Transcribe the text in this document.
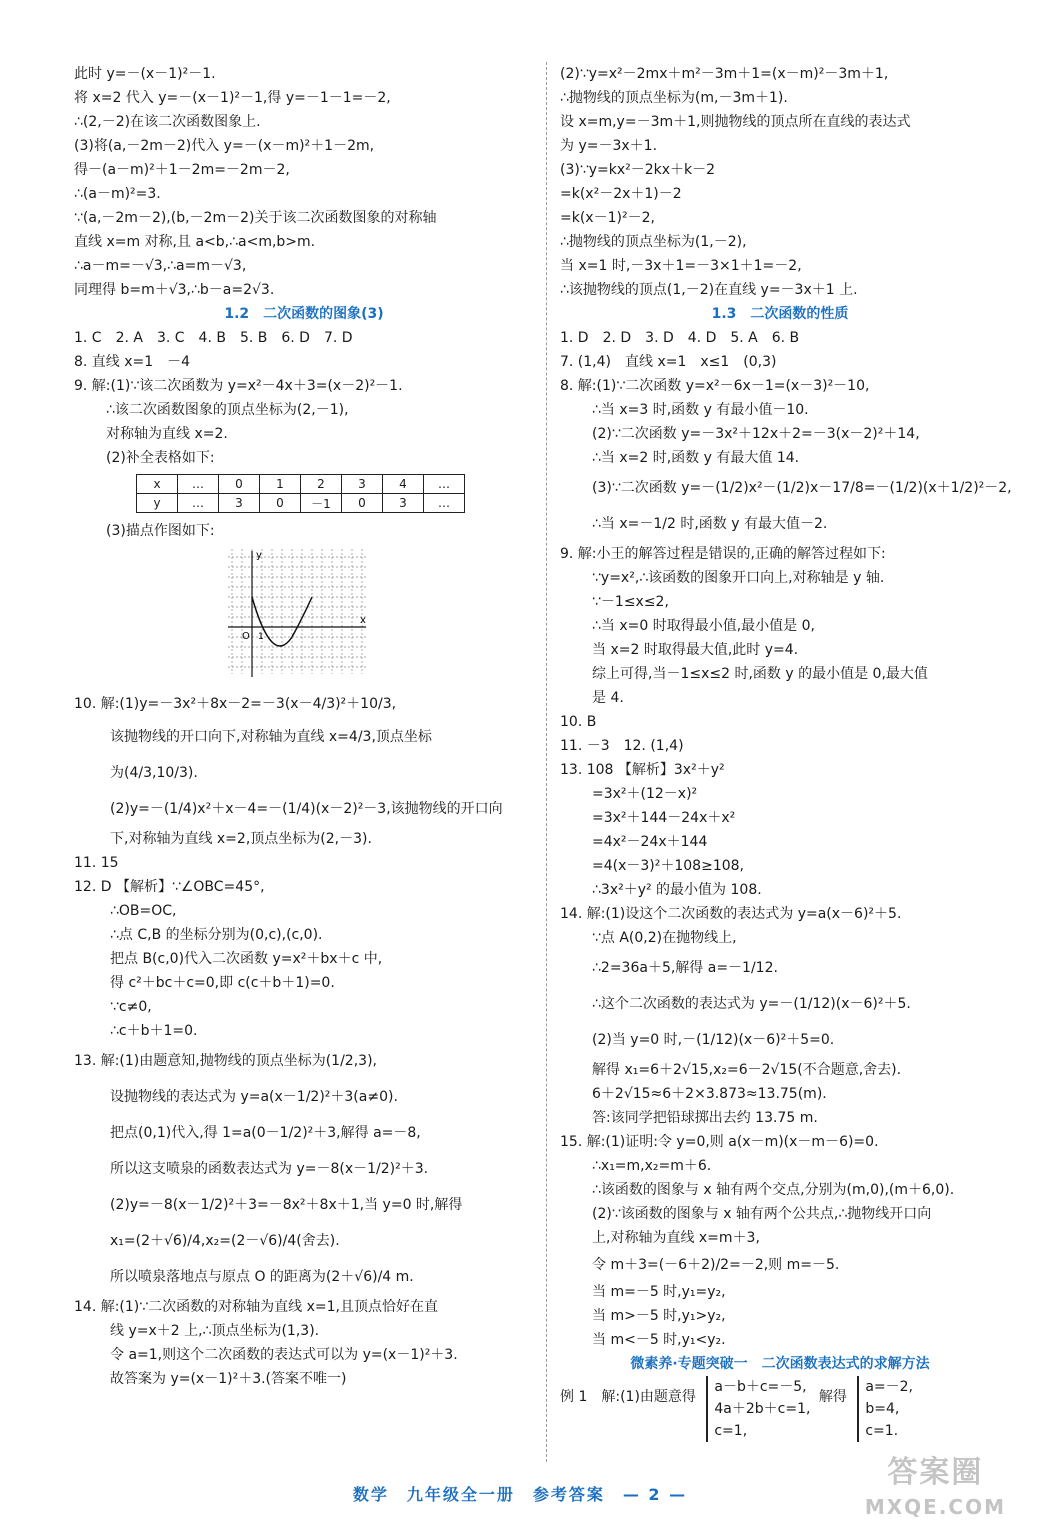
此时 y=－(x－1)²－1.
将 x=2 代入 y=－(x－1)²－1,得 y=－1－1=－2,
∴(2,－2)在该二次函数图象上.
(3)将(a,－2m－2)代入 y=－(x－m)²＋1－2m,
得－(a－m)²＋1－2m=－2m－2,
∴(a－m)²=3.
∵(a,－2m－2),(b,－2m－2)关于该二次函数图象的对称轴
直线 x=m 对称,且 a<b,∴a<m,b>m.
∴a－m=－√3,∴a=m－√3,
同理得 b=m＋√3,∴b－a=2√3.
1.2　二次函数的图象(3)
1. C　2. A　3. C　4. B　5. B　6. D　7. D
8. 直线 x=1　－4
9. 解:(1)∵该二次函数为 y=x²－4x＋3=(x－2)²－1.
∴该二次函数图象的顶点坐标为(2,－1),
对称轴为直线 x=2.
(2)补全表格如下:
x	…	0	1	2	3	4	…
y	…	3	0	－1	0	3	…
(3)描点作图如下:
y
x
O 1
10. 解:(1)y=－3x²＋8x－2=－3(x－4/3)²＋10/3,
该抛物线的开口向下,对称轴为直线 x=4/3,顶点坐标
为(4/3,10/3).
(2)y=－(1/4)x²＋x－4=－(1/4)(x－2)²－3,该抛物线的开口向
下,对称轴为直线 x=2,顶点坐标为(2,－3).
11. 15
12. D 【解析】∵∠OBC=45°,
∴OB=OC,
∴点 C,B 的坐标分别为(0,c),(c,0).
把点 B(c,0)代入二次函数 y=x²＋bx＋c 中,
得 c²＋bc＋c=0,即 c(c＋b＋1)=0.
∵c≠0,
∴c＋b＋1=0.
13. 解:(1)由题意知,抛物线的顶点坐标为(1/2,3),
设抛物线的表达式为 y=a(x－1/2)²＋3(a≠0).
把点(0,1)代入,得 1=a(0－1/2)²＋3,解得 a=－8,
所以这支喷泉的函数表达式为 y=－8(x－1/2)²＋3.
(2)y=－8(x－1/2)²＋3=－8x²＋8x＋1,当 y=0 时,解得
x₁=(2＋√6)/4,x₂=(2－√6)/4(舍去).
所以喷泉落地点与原点 O 的距离为(2＋√6)/4 m.
14. 解:(1)∵二次函数的对称轴为直线 x=1,且顶点恰好在直
线 y=x＋2 上,∴顶点坐标为(1,3).
令 a=1,则这个二次函数的表达式可以为 y=(x－1)²＋3.
故答案为 y=(x－1)²＋3.(答案不唯一)
(2)∵y=x²－2mx＋m²－3m＋1=(x－m)²－3m＋1,
∴抛物线的顶点坐标为(m,－3m＋1).
设 x=m,y=－3m＋1,则抛物线的顶点所在直线的表达式
为 y=－3x＋1.
(3)∵y=kx²－2kx＋k－2
=k(x²－2x＋1)－2
=k(x－1)²－2,
∴抛物线的顶点坐标为(1,－2),
当 x=1 时,－3x＋1=－3×1＋1=－2,
∴该抛物线的顶点(1,－2)在直线 y=－3x＋1 上.
1.3　二次函数的性质
1. D　2. D　3. D　4. D　5. A　6. B
7. (1,4)　直线 x=1　x≤1　(0,3)
8. 解:(1)∵二次函数 y=x²－6x－1=(x－3)²－10,
∴当 x=3 时,函数 y 有最小值－10.
(2)∵二次函数 y=－3x²＋12x＋2=－3(x－2)²＋14,
∴当 x=2 时,函数 y 有最大值 14.
(3)∵二次函数 y=－(1/2)x²－(1/2)x－17/8=－(1/2)(x＋1/2)²－2,
∴当 x=－1/2 时,函数 y 有最大值－2.
9. 解:小王的解答过程是错误的,正确的解答过程如下:
∵y=x²,∴该函数的图象开口向上,对称轴是 y 轴.
∵－1≤x≤2,
∴当 x=0 时取得最小值,最小值是 0,
当 x=2 时取得最大值,此时 y=4.
综上可得,当－1≤x≤2 时,函数 y 的最小值是 0,最大值
是 4.
10. B
11. －3　12. (1,4)
13. 108 【解析】3x²＋y²
=3x²＋(12－x)²
=3x²＋144－24x＋x²
=4x²－24x＋144
=4(x－3)²＋108≥108,
∴3x²＋y² 的最小值为 108.
14. 解:(1)设这个二次函数的表达式为 y=a(x－6)²＋5.
∵点 A(0,2)在抛物线上,
∴2=36a＋5,解得 a=－1/12.
∴这个二次函数的表达式为 y=－(1/12)(x－6)²＋5.
(2)当 y=0 时,－(1/12)(x－6)²＋5=0.
解得 x₁=6＋2√15,x₂=6－2√15(不合题意,舍去).
6＋2√15≈6＋2×3.873≈13.75(m).
答:该同学把铅球掷出去约 13.75 m.
15. 解:(1)证明:令 y=0,则 a(x－m)(x－m－6)=0.
∴x₁=m,x₂=m＋6.
∴该函数的图象与 x 轴有两个交点,分别为(m,0),(m＋6,0).
(2)∵该函数的图象与 x 轴有两个公共点,∴抛物线开口向
上,对称轴为直线 x=m＋3,
令 m＋3=(－6＋2)/2=－2,则 m=－5.
当 m=－5 时,y₁=y₂,
当 m>－5 时,y₁>y₂,
当 m<－5 时,y₁<y₂.
微素养·专题突破一　二次函数表达式的求解方法
例 1　解:(1)由题意得 a－b＋c=－5,
4a＋2b＋c=1,
c=1, 解得 a=－2,
b=4,
c=1.
数学　九年级全一册　参考答案　— 2 —
答案圈
MXQE.COM
